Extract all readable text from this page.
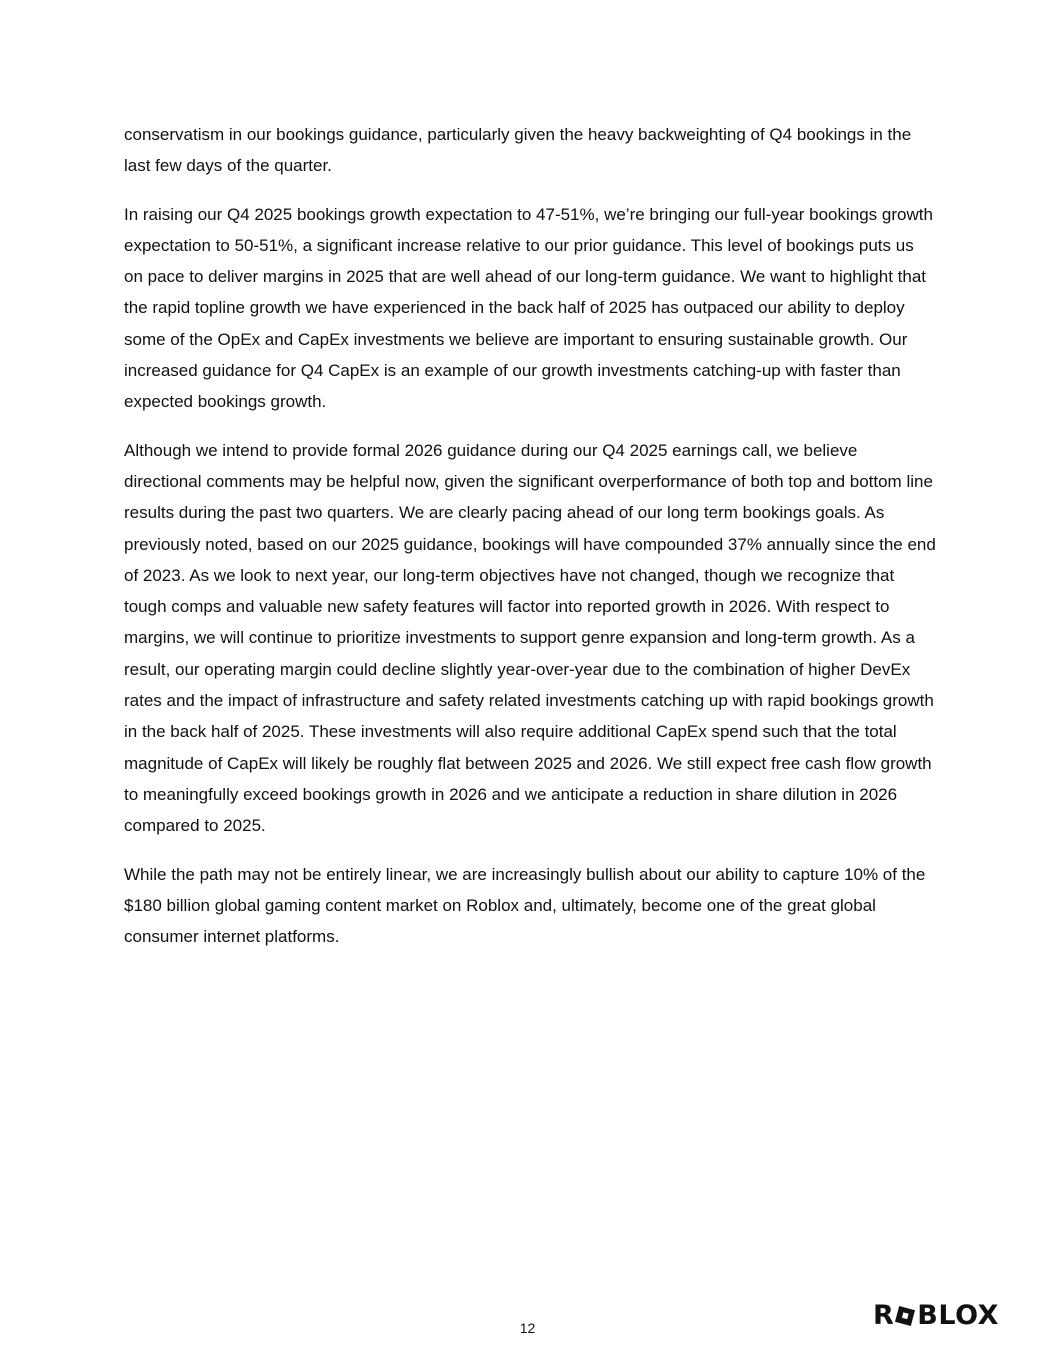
conservatism in our bookings guidance, particularly given the heavy backweighting of Q4 bookings in the last few days of the quarter.

In raising our Q4 2025 bookings growth expectation to 47-51%, we’re bringing our full-year bookings growth expectation to 50-51%, a significant increase relative to our prior guidance. This level of bookings puts us on pace to deliver margins in 2025 that are well ahead of our long-term guidance. We want to highlight that the rapid topline growth we have experienced in the back half of 2025 has outpaced our ability to deploy some of the OpEx and CapEx investments we believe are important to ensuring sustainable growth. Our increased guidance for Q4 CapEx is an example of our growth investments catching-up with faster than expected bookings growth.

Although we intend to provide formal 2026 guidance during our Q4 2025 earnings call, we believe directional comments may be helpful now, given the significant overperformance of both top and bottom line results during the past two quarters. We are clearly pacing ahead of our long term bookings goals. As previously noted, based on our 2025 guidance, bookings will have compounded 37% annually since the end of 2023. As we look to next year, our long-term objectives have not changed, though we recognize that tough comps and valuable new safety features will factor into reported growth in 2026. With respect to margins, we will continue to prioritize investments to support genre expansion and long-term growth. As a result, our operating margin could decline slightly year-over-year due to the combination of higher DevEx rates and the impact of infrastructure and safety related investments catching up with rapid bookings growth in the back half of 2025. These investments will also require additional CapEx spend such that the total magnitude of CapEx will likely be roughly flat between 2025 and 2026. We still expect free cash flow growth to meaningfully exceed bookings growth in 2026 and we anticipate a reduction in share dilution in 2026 compared to 2025.

While the path may not be entirely linear, we are increasingly bullish about our ability to capture 10% of the $180 billion global gaming content market on Roblox and, ultimately, become one of the great global consumer internet platforms.

12	R BLOX
